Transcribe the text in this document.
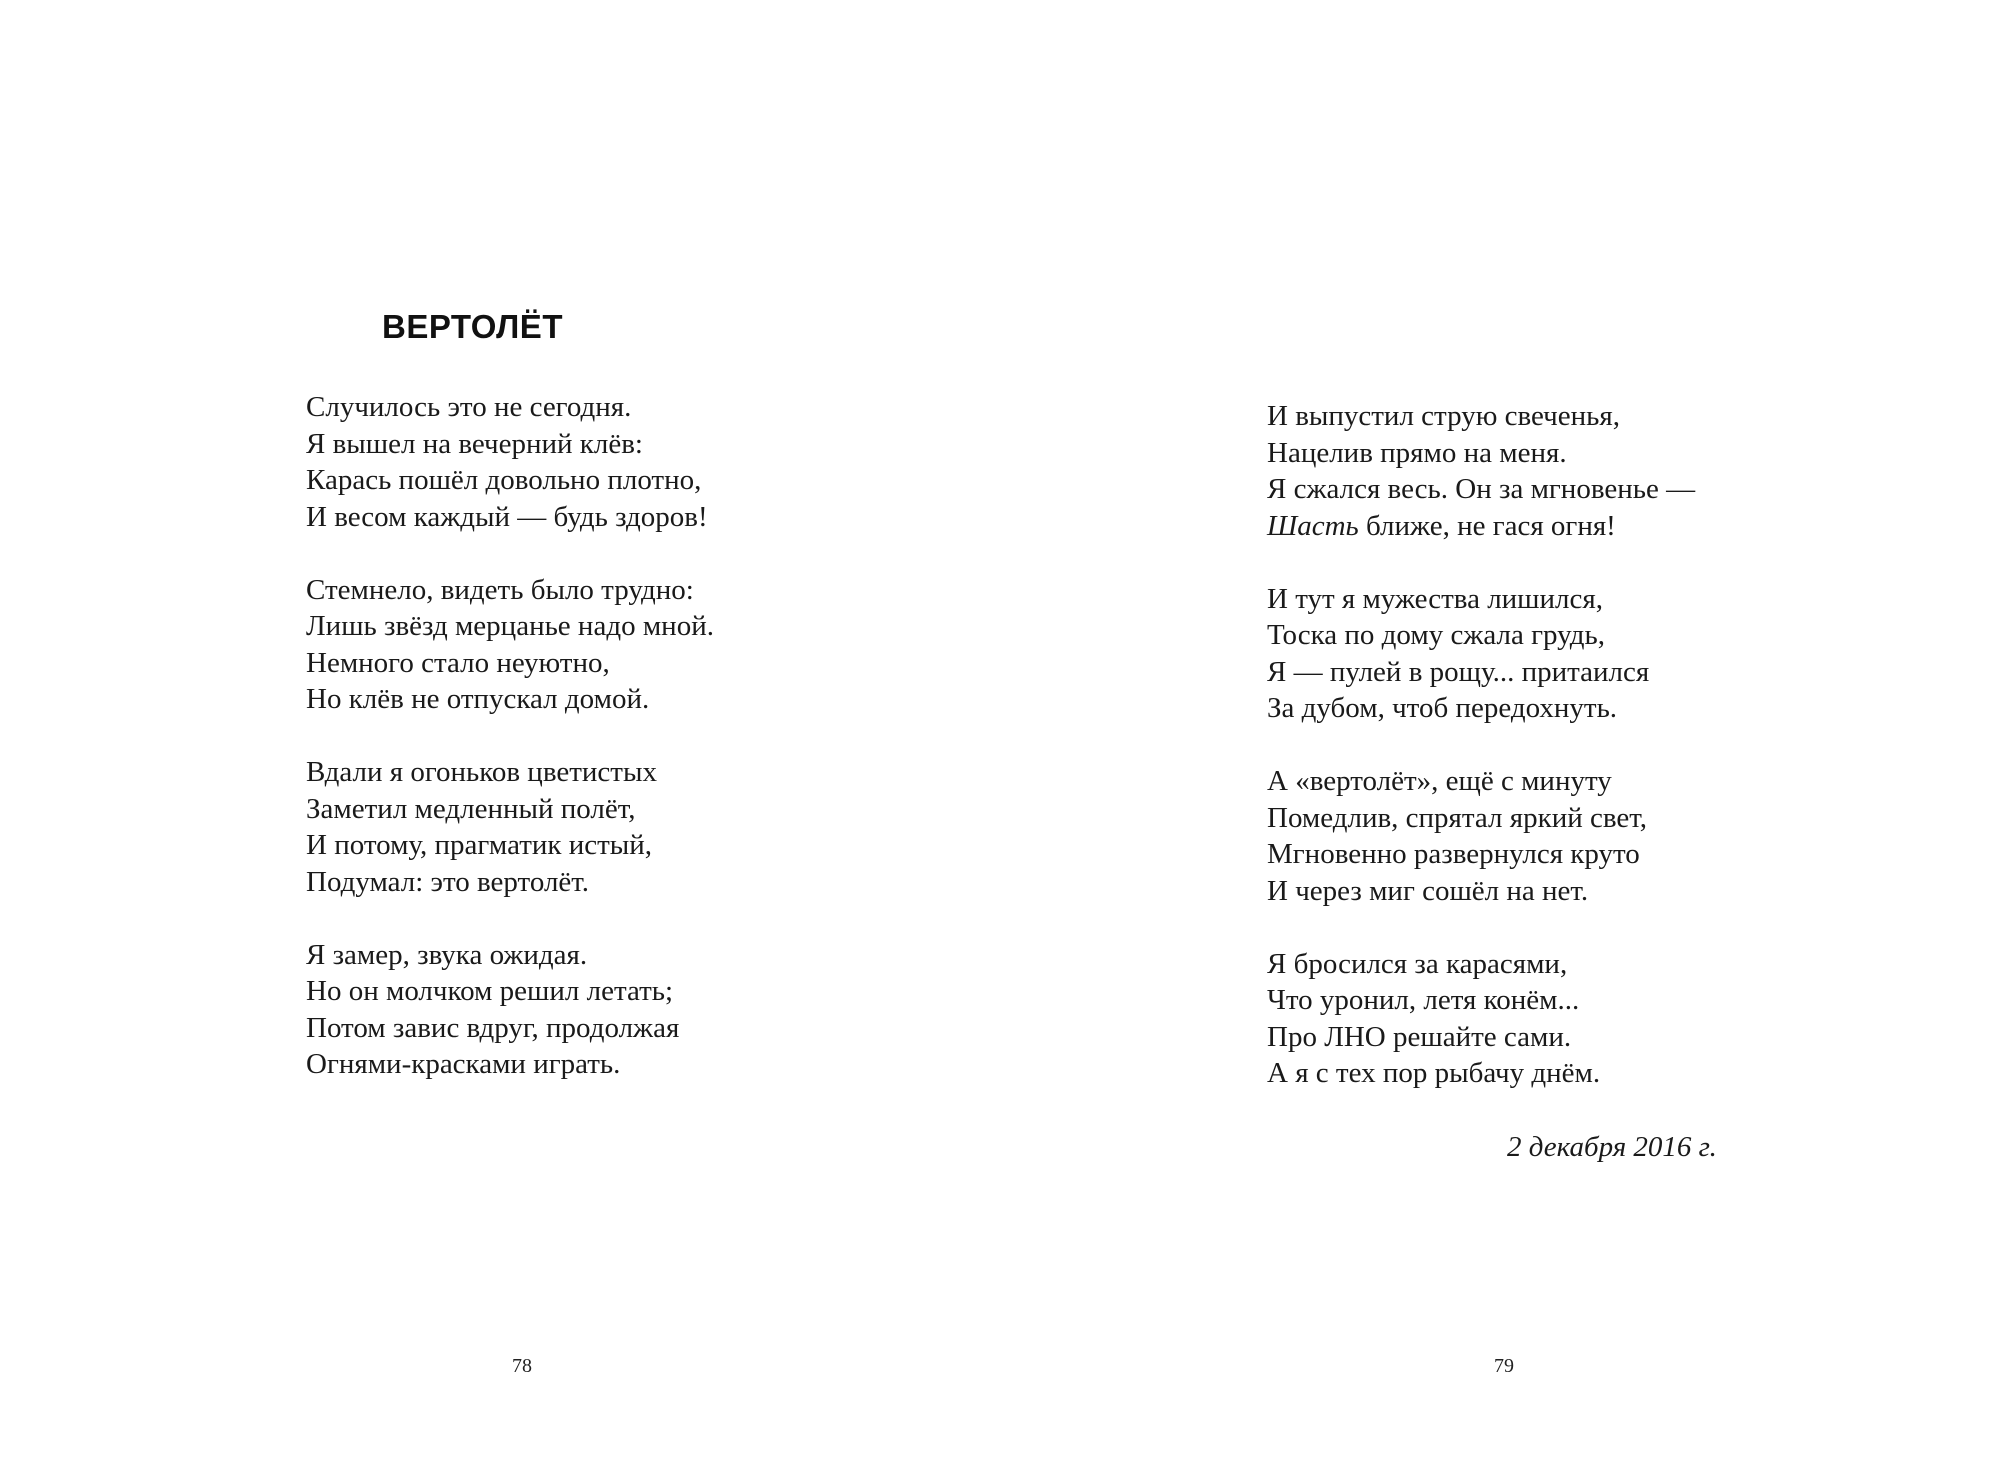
ВЕРТОЛЁТ
Случилось это не сегодня.
Я вышел на вечерний клёв:
Карась пошёл довольно плотно,
И весом каждый — будь здоров!
Стемнело, видеть было трудно:
Лишь звёзд мерцанье надо мной.
Немного стало неуютно,
Но клёв не отпускал домой.
Вдали я огоньков цветистых
Заметил медленный полёт,
И потому, прагматик истый,
Подумал: это вертолёт.
Я замер, звука ожидая.
Но он молчком решил летать;
Потом завис вдруг, продолжая
Огнями-красками играть.
78
И выпустил струю свеченья,
Нацелив прямо на меня.
Я сжался весь. Он за мгновенье —
Шасть ближе, не гася огня!
И тут я мужества лишился,
Тоска по дому сжала грудь,
Я — пулей в рощу... притаился
За дубом, чтоб передохнуть.
А «вертолёт», ещё с минуту
Помедлив, спрятал яркий свет,
Мгновенно развернулся круто
И через миг сошёл на нет.
Я бросился за карасями,
Что уронил, летя конём...
Про ЛНО решайте сами.
А я с тех пор рыбачу днём.
2 декабря 2016 г.
79
